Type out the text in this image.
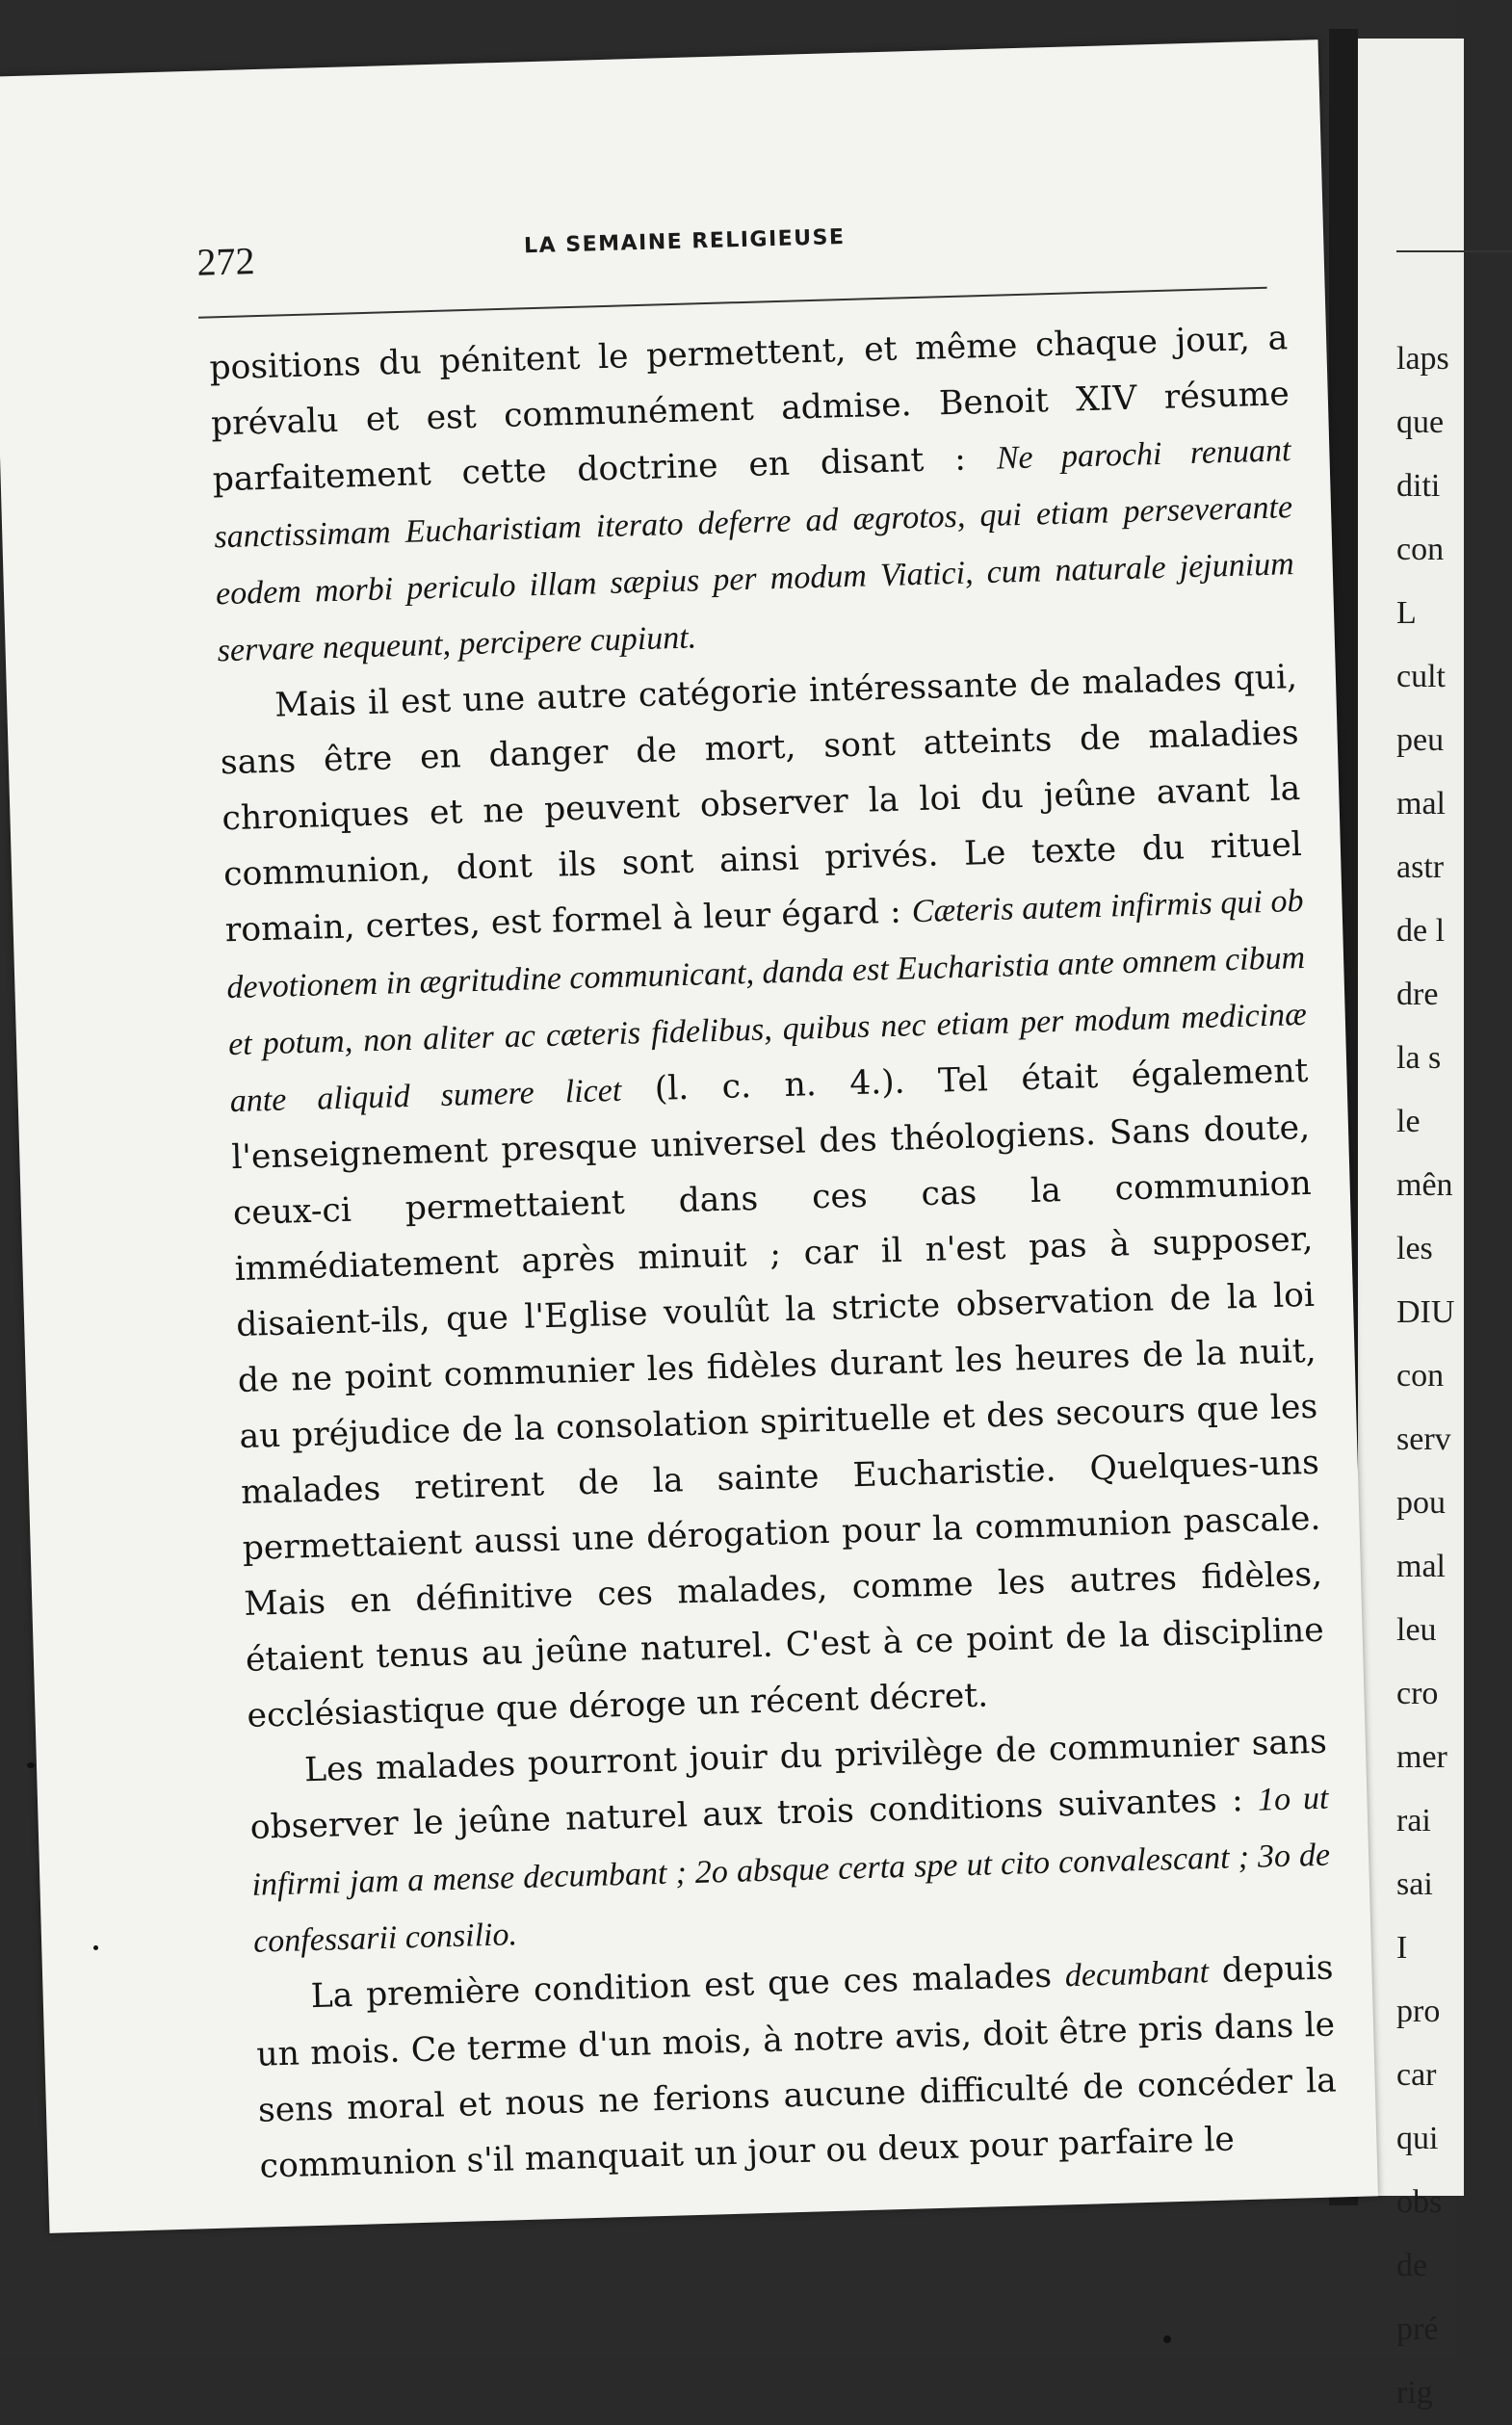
laps
que
diti
con
L
cult
peu
mal
astr
de l
dre
la s
le
mên
les
DIU
con
serv
pou
mal
leu
cro
mer
rai
sai
I
pro
car
qui
obs
de
pré
rig
272	LA SEMAINE RELIGIEUSE

positions du pénitent le permettent, et même chaque jour, a prévalu et est communément admise. Benoit XIV résume parfaitement cette doctrine en disant : Ne parochi renuant sanctissimam Eucharistiam iterato deferre ad ægrotos, qui etiam perseverante eodem morbi periculo illam sæpius per modum Viatici, cum naturale jejunium servare nequeunt, percipere cupiunt.

Mais il est une autre catégorie intéressante de malades qui, sans être en danger de mort, sont atteints de maladies chroniques et ne peuvent observer la loi du jeûne avant la communion, dont ils sont ainsi privés. Le texte du rituel romain, certes, est formel à leur égard : Cæteris autem infirmis qui ob devotionem in ægritudine communicant, danda est Eucharistia ante omnem cibum et potum, non aliter ac cæteris fidelibus, quibus nec etiam per modum medicinæ ante aliquid sumere licet (l. c. n. 4.). Tel était également l'enseignement presque universel des théologiens. Sans doute, ceux-ci permettaient dans ces cas la communion immédiatement après minuit ; car il n'est pas à supposer, disaient-ils, que l'Eglise voulût la stricte observation de la loi de ne point communier les fidèles durant les heures de la nuit, au préjudice de la consolation spirituelle et des secours que les malades retirent de la sainte Eucharistie. Quelques-uns permettaient aussi une dérogation pour la communion pascale. Mais en définitive ces malades, comme les autres fidèles, étaient tenus au jeûne naturel. C'est à ce point de la discipline ecclésiastique que déroge un récent décret.

Les malades pourront jouir du privilège de communier sans observer le jeûne naturel aux trois conditions suivantes : 1o ut infirmi jam a mense decumbant ; 2o absque certa spe ut cito convalescant ; 3o de confessarii consilio.

La première condition est que ces malades decumbant depuis un mois. Ce terme d'un mois, à notre avis, doit être pris dans le sens moral et nous ne ferions aucune difficulté de concéder la communion s'il manquait un jour ou deux pour parfaire le
